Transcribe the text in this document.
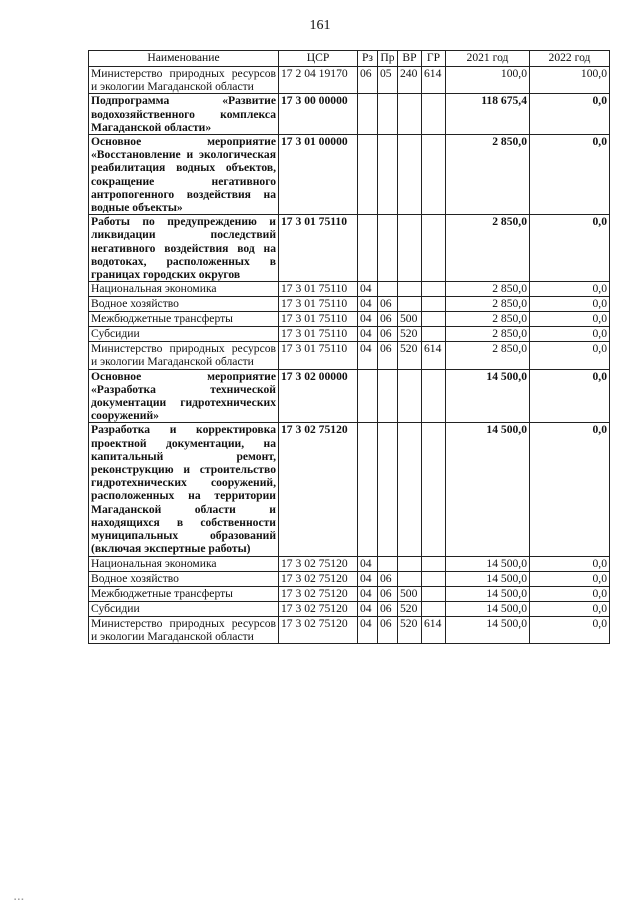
161
Наименование	ЦСР	Рз	Пр	ВР	ГР	2021 год	2022 год
Министерство природных ресурсов и экологии Магаданской области	17 2 04 19170	06	05	240	614	100,0	100,0
Подпрограмма «Развитие водохозяйственного комплекса Магаданской области»	17 3 00 00000					118 675,4	0,0
Основное мероприятие «Восстановление и экологическая реабилитация водных объектов, сокращение негативного антропогенного воздействия на водные объекты»	17 3 01 00000					2 850,0	0,0
Работы по предупреждению и ликвидации последствий негативного воздействия вод на водотоках, расположенных в границах городских округов	17 3 01 75110					2 850,0	0,0
Национальная экономика	17 3 01 75110	04				2 850,0	0,0
Водное хозяйство	17 3 01 75110	04	06			2 850,0	0,0
Межбюджетные трансферты	17 3 01 75110	04	06	500		2 850,0	0,0
Субсидии	17 3 01 75110	04	06	520		2 850,0	0,0
Министерство природных ресурсов и экологии Магаданской области	17 3 01 75110	04	06	520	614	2 850,0	0,0
Основное мероприятие «Разработка технической документации гидротехнических сооружений»	17 3 02 00000					14 500,0	0,0
Разработка и корректировка проектной документации, на капитальный ремонт, реконструкцию и строительство гидротехнических сооружений, расположенных на территории Магаданской области и находящихся в собственности муниципальных образований (включая экспертные работы)	17 3 02 75120					14 500,0	0,0
Национальная экономика	17 3 02 75120	04				14 500,0	0,0
Водное хозяйство	17 3 02 75120	04	06			14 500,0	0,0
Межбюджетные трансферты	17 3 02 75120	04	06	500		14 500,0	0,0
Субсидии	17 3 02 75120	04	06	520		14 500,0	0,0
Министерство природных ресурсов и экологии Магаданской области	17 3 02 75120	04	06	520	614	14 500,0	0,0
▪ ▪ ▪
